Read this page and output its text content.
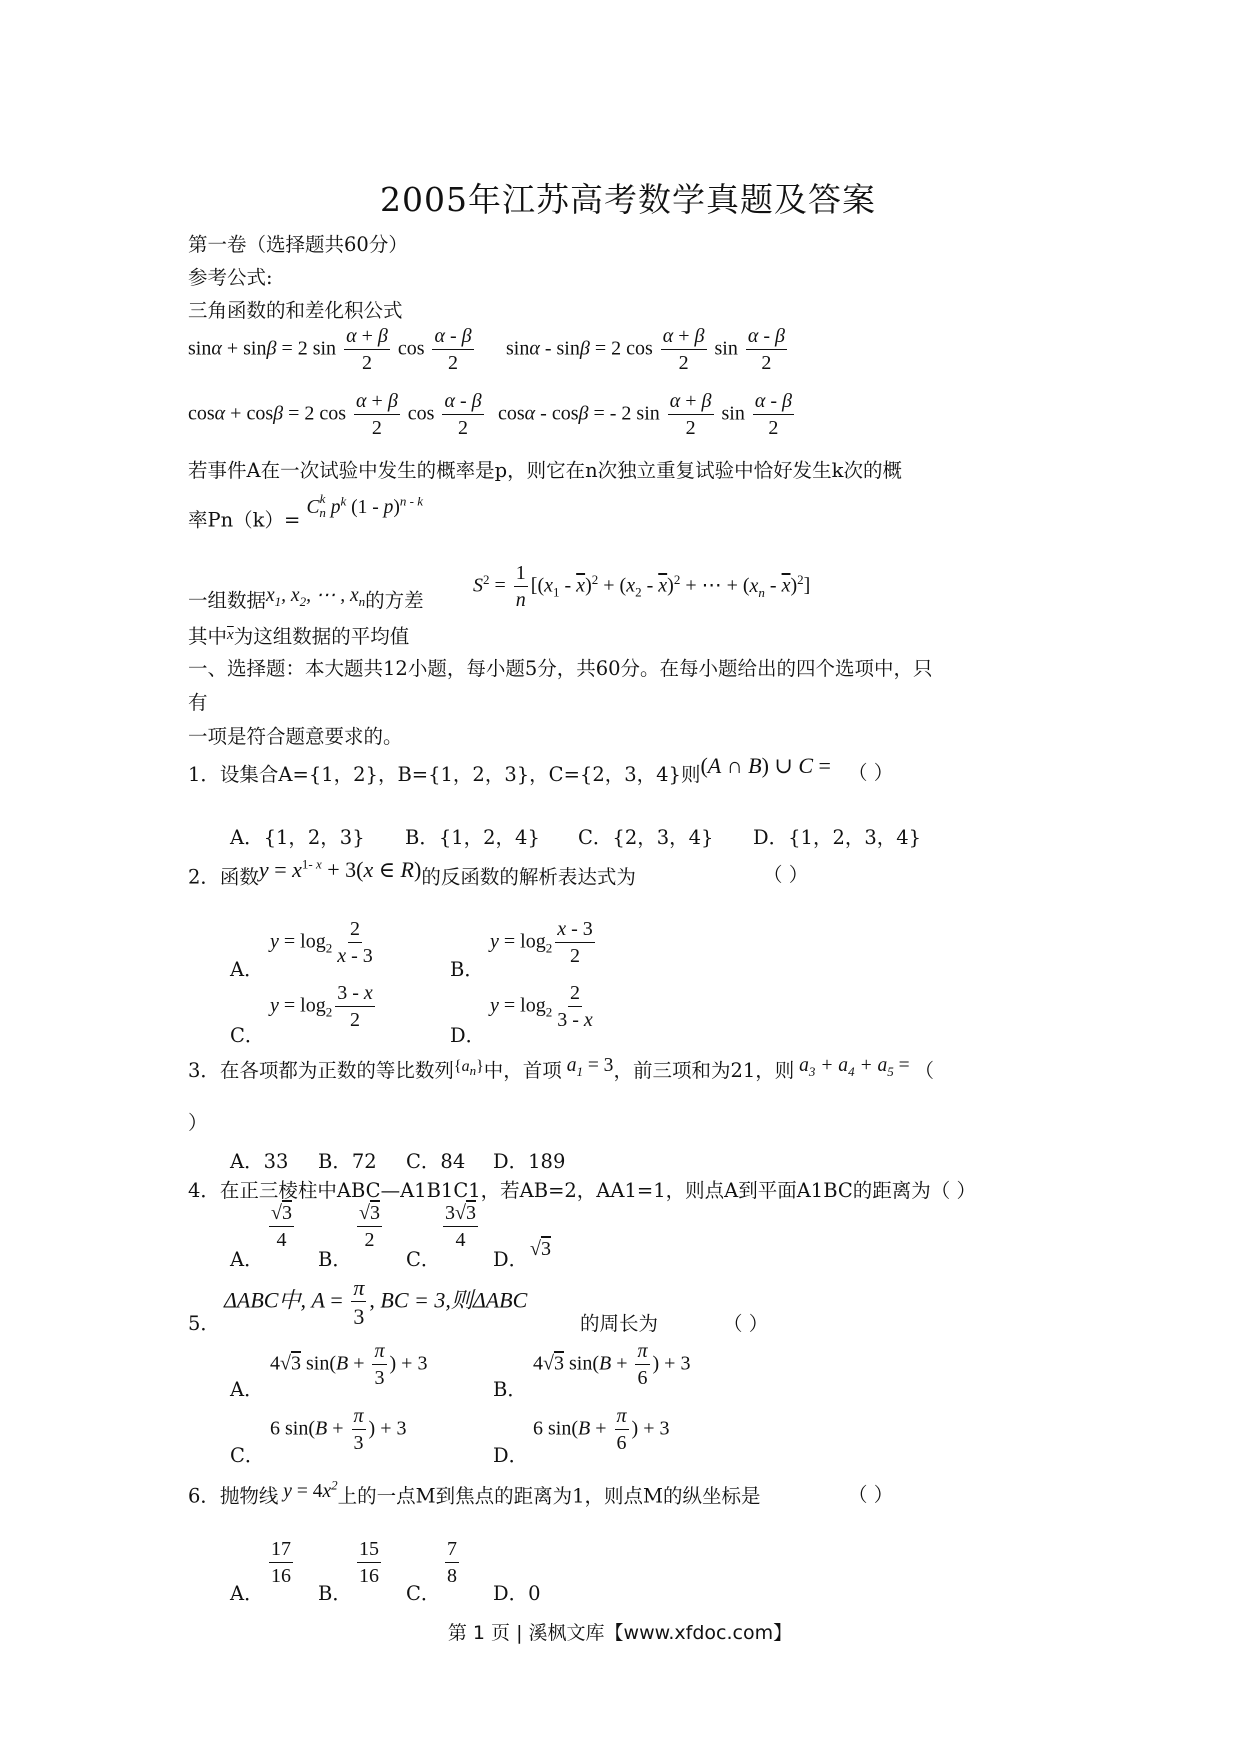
2005年江苏高考数学真题及答案
第一卷（选择题共60分）
参考公式:
三角函数的和差化积公式
sinα + sinβ = 2 $\sin \frac{\alpha + \beta}{2}$ $\cos \frac{\alpha - \beta}{2}$ sinα - sinβ = 2 $\cos \frac{\alpha + \beta}{2}$ $\sin \frac{\alpha - \beta}{2}$
cosα + cosβ = 2 $\cos \frac{\alpha + \beta}{2}$ $\cos \frac{\alpha - \beta}{2}$ cosα - cosβ = - 2 $\sin \frac{\alpha + \beta}{2}$ $\sin \frac{\alpha - \beta}{2}$
若事件A在一次试验中发生的概率是p，则它在n次独立重复试验中恰好发生k次的概
率$Pn(k)= C^k_n$ $p^k$ (1 - p)$^{n - k}$
$S^2 = \frac{1}{n} [(x_1 - \overline{x})^2 + (x_2 - \overline{x})^2$ + ⋯ + $(x_n - \overline{x})^2$]
一组数据$x_1$, $x_2$, ⋯ , $x_n$的方差
其中$^{\overline{x}}$为这组数据的平均值
一、选择题：本大题共12小题，每小题5分，共60分。在每小题给出的四个选项中，只
有
一项是符合题意要求的。
1．设集合A={1，2}，B={1，2，3}，C={2，3，4}则(A ∩ B) ∪ C = （ ）
A．{1，2，3} B．{1，2，4} C．{2，3，4} D．{1，2，3，4}
2．函数$y = x^{1- x} + 3(x$ ∈ R)的反函数的解析表达式为	（ ）
A．
$y = \log_2 \frac{2}{x - 3}$
B．
$y = \log_2 \frac{x - 3}{2}$
C．
$y = \log_2 \frac{3 - x}{2}$
D．
$y = \log_2 \frac{2}{3 - x}$
3．在各项都为正数的等比数列$^{\{a_n\}}$中，首项 $a_1 = 3$，前三项和为21，则 $a_3 + a_4 + a_5$ = （
）
A．33 B．72 C．84 D．189
4．在正三棱柱中ABC—A1B1C1，若AB=2，AA1=1，则点A到平面A1BC的距离为（ ）
A．
$\frac{√3}{4}$
B．
$\frac{√3}{2}$
C．
$\frac{3√3}{4}$
D． √3
5．
ΔABC中, $A = \frac{\pi}{3}$ , BC = 3,则ΔABC
的周长为	（ ）
A．
4√3 $\sin(B + \frac{\pi}{3}$ ) + 3
B．
4√3 $\sin(B + \frac{\pi}{6}$ ) + 3
C．
6 $\sin(B + \frac{\pi}{3}$ ) + 3
D．
6 $\sin(B + \frac{\pi}{6}$ ) + 3
6．抛物线 $y = 4x^2$上的一点M到焦点的距离为1，则点M的纵坐标是	（ ）
A．
$\frac{17}{16}$
B．
$\frac{15}{16}$
C．
$\frac{7}{8}$
D．0
第 1 页 | 溪枫文库【www.xfdoc.com】
